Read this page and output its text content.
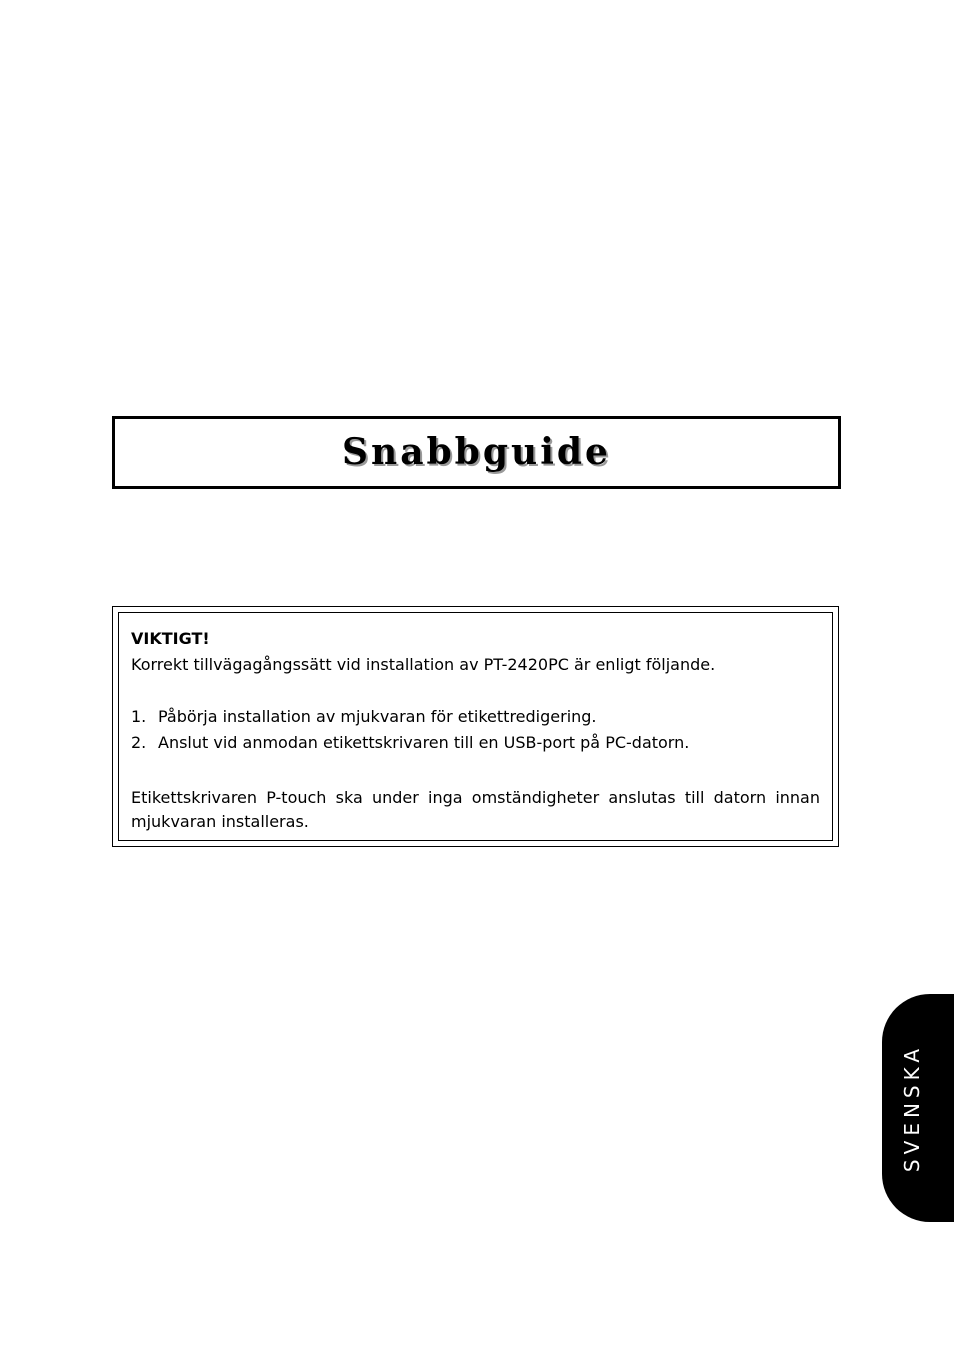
Snabbguide

VIKTIGT!

Korrekt tillvägagångssätt vid installation av PT-2420PC är enligt följande.

1. Påbörja installation av mjukvaran för etikettredigering.
2. Anslut vid anmodan etikettskrivaren till en USB-port på PC-datorn.

Etikettskrivaren P-touch ska under inga omständigheter anslutas till datorn innan mjukvaran installeras.

SVENSKA
